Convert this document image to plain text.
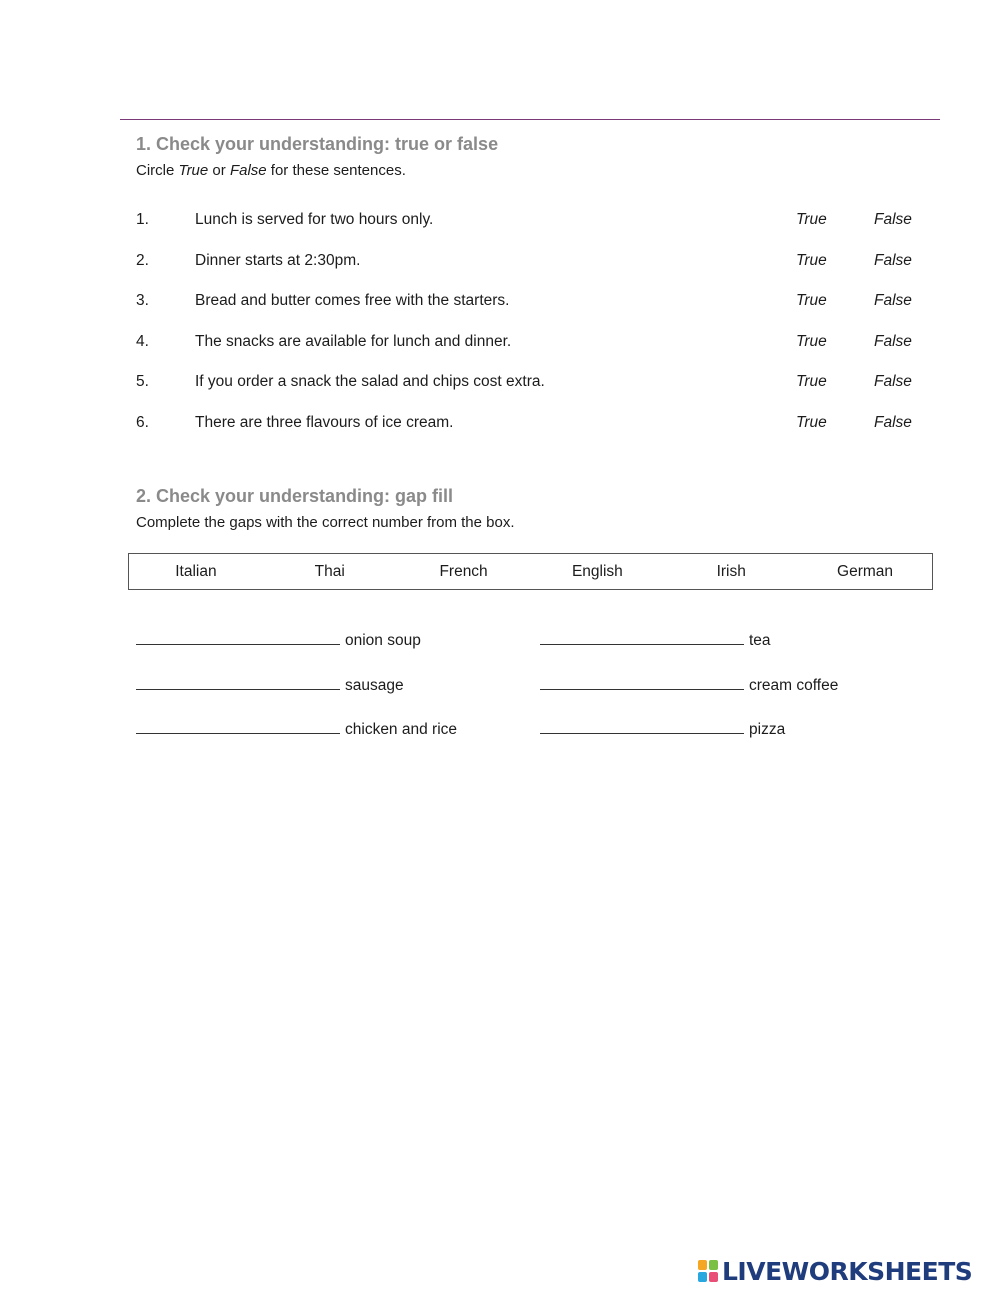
1. Check your understanding: true or false
Circle True or False for these sentences.
1.	Lunch is served for two hours only.	True	False
2.	Dinner starts at 2:30pm.	True	False
3.	Bread and butter comes free with the starters.	True	False
4.	The snacks are available for lunch and dinner.	True	False
5.	If you order a snack the salad and chips cost extra.	True	False
6.	There are three flavours of ice cream.	True	False
2. Check your understanding: gap fill
Complete the gaps with the correct number from the box.
Italian	Thai	French	English	Irish	German
onion soup	tea
sausage	cream coffee
chicken and rice	pizza
LIVEWORKSHEETS
